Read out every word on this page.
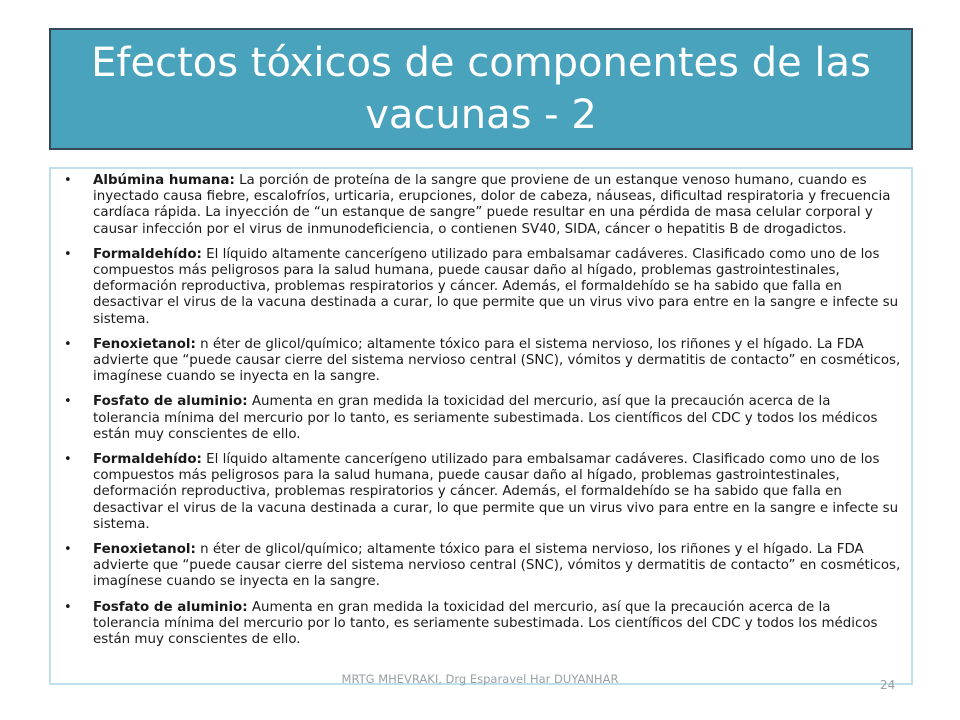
Efectos tóxicos de componentes de las vacunas - 2
• Albúmina humana: La porción de proteína de la sangre que proviene de un estanque venoso humano, cuando es inyectado causa fiebre, escalofríos, urticaria, erupciones, dolor de cabeza, náuseas, dificultad respiratoria y frecuencia cardíaca rápida. La inyección de “un estanque de sangre” puede resultar en una pérdida de masa celular corporal y causar infección por el virus de inmunodeficiencia, o contienen SV40, SIDA, cáncer o hepatitis B de drogadictos.
• Formaldehído: El líquido altamente cancerígeno utilizado para embalsamar cadáveres. Clasificado como uno de los compuestos más peligrosos para la salud humana, puede causar daño al hígado, problemas gastrointestinales, deformación reproductiva, problemas respiratorios y cáncer. Además, el formaldehído se ha sabido que falla en desactivar el virus de la vacuna destinada a curar, lo que permite que un virus vivo para entre en la sangre e infecte su sistema.
• Fenoxietanol: n éter de glicol/químico; altamente tóxico para el sistema nervioso, los riñones y el hígado. La FDA advierte que “puede causar cierre del sistema nervioso central (SNC), vómitos y dermatitis de contacto” en cosméticos, imagínese cuando se inyecta en la sangre.
• Fosfato de aluminio: Aumenta en gran medida la toxicidad del mercurio, así que la precaución acerca de la tolerancia mínima del mercurio por lo tanto, es seriamente subestimada. Los científicos del CDC y todos los médicos están muy conscientes de ello.
• Formaldehído: El líquido altamente cancerígeno utilizado para embalsamar cadáveres. Clasificado como uno de los compuestos más peligrosos para la salud humana, puede causar daño al hígado, problemas gastrointestinales, deformación reproductiva, problemas respiratorios y cáncer. Además, el formaldehído se ha sabido que falla en desactivar el virus de la vacuna destinada a curar, lo que permite que un virus vivo para entre en la sangre e infecte su sistema.
• Fenoxietanol: n éter de glicol/químico; altamente tóxico para el sistema nervioso, los riñones y el hígado. La FDA advierte que “puede causar cierre del sistema nervioso central (SNC), vómitos y dermatitis de contacto” en cosméticos, imagínese cuando se inyecta en la sangre.
• Fosfato de aluminio: Aumenta en gran medida la toxicidad del mercurio, así que la precaución acerca de la tolerancia mínima del mercurio por lo tanto, es seriamente subestimada. Los científicos del CDC y todos los médicos están muy conscientes de ello.
MRTG MHEVRAKI, Drg Esparavel Har DUYANHAR	24
